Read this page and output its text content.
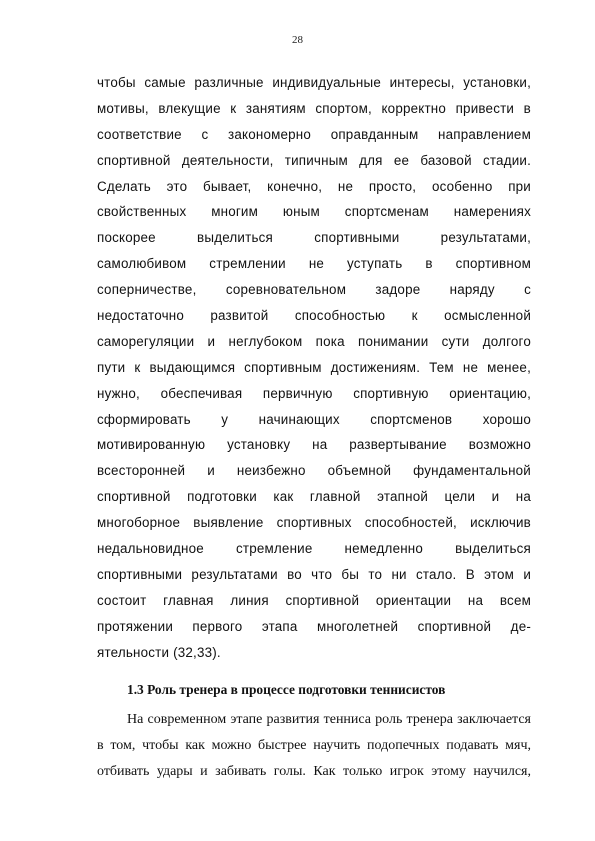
28
чтобы самые различные индивидуальные интересы, установки,
мотивы, влекущие к занятиям спортом, корректно привести в
соответствие с закономерно оправданным направлением
спортивной деятельности, типичным для ее базовой стадии.
Сделать это бывает, конечно, не просто, особенно при
свойственных многим юным спортсменам намерениях
поскорее выделиться спортивными результатами,
самолюбивом стремлении не уступать в спортивном
соперничестве, соревновательном задоре наряду с
недостаточно развитой способностью к осмысленной
саморегуляции и неглубоком пока понимании сути долгого
пути к выдающимся спортивным достижениям. Тем не менее,
нужно, обеспечивая первичную спортивную ориентацию,
сформировать у начинающих спортсменов хорошо
мотивированную установку на развертывание возможно
всесторонней и неизбежно объемной фундаментальной
спортивной подготовки как главной этапной цели и на
многоборное выявление спортивных способностей, исключив
недальновидное стремление немедленно выделиться
спортивными результатами во что бы то ни стало. В этом и
состоит главная линия спортивной ориентации на всем
протяжении первого этапа многолетней спортивной де-
ятельности (32,33).
1.3 Роль тренера в процессе подготовки теннисистов
На современном этапе развития тенниса роль тренера заключается
в том, чтобы как можно быстрее научить подопечных подавать мяч,
отбивать удары и забивать голы. Как только игрок этому научился,
